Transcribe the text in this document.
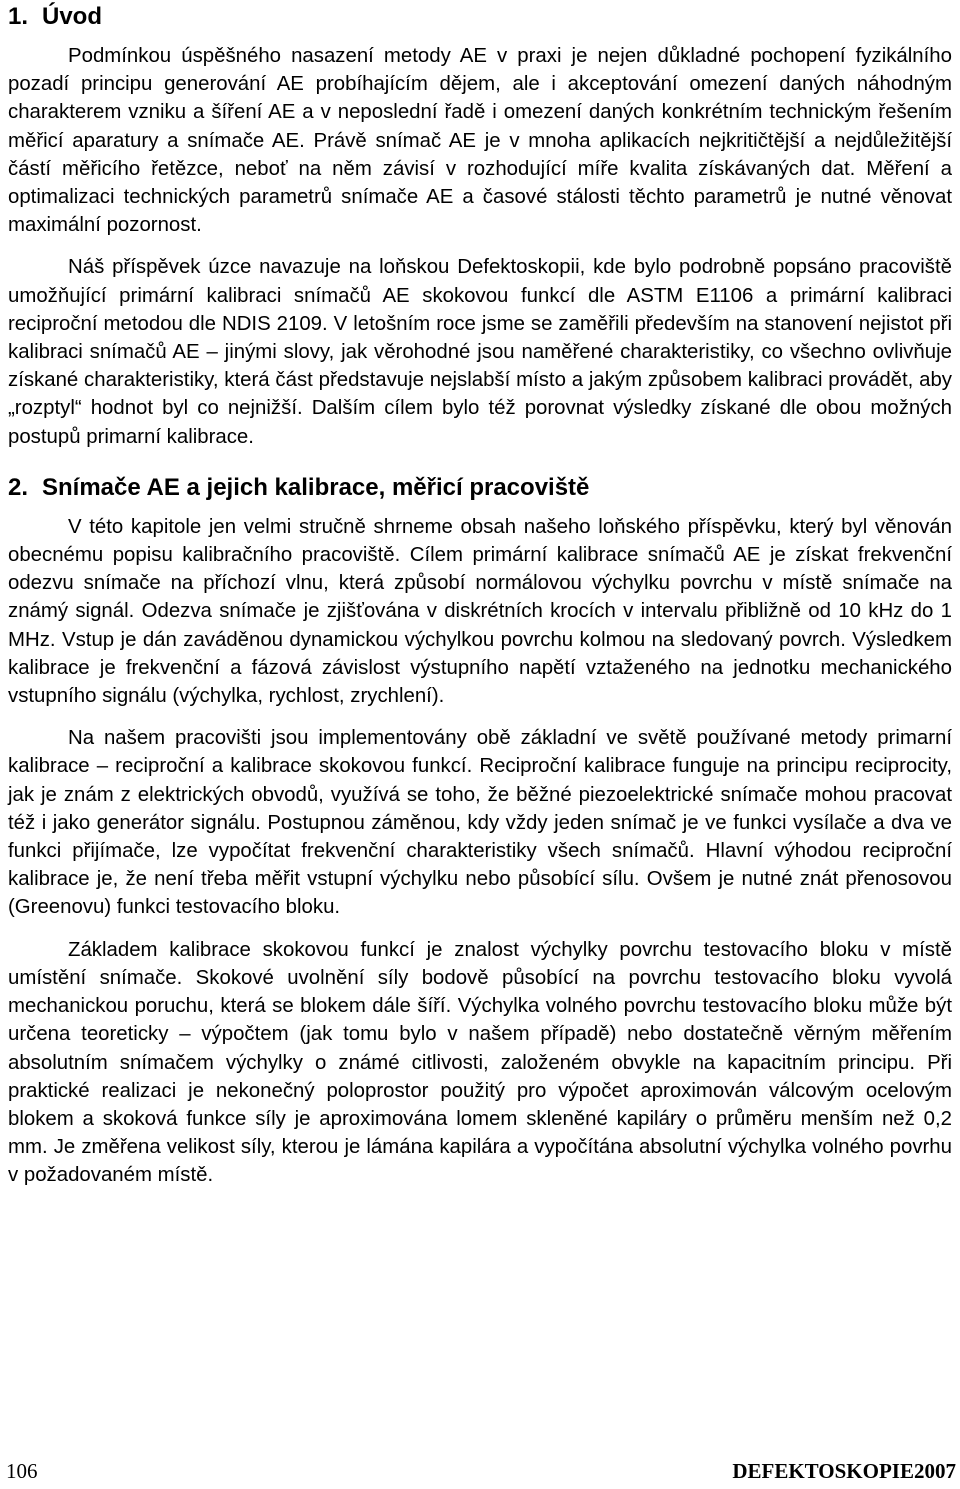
1. Úvod

Podmínkou úspěšného nasazení metody AE v praxi je nejen důkladné pochopení fyzikálního pozadí principu generování AE probíhajícím dějem, ale i akceptování omezení daných náhodným charakterem vzniku a šíření AE a v neposlední řadě i omezení daných konkrétním technickým řešením měřicí aparatury a snímače AE. Právě snímač AE je v mnoha aplikacích nejkritičtější a nejdůležitější částí měřicího řetězce, neboť na něm závisí v rozhodující míře kvalita získávaných dat. Měření a optimalizaci technických parametrů snímače AE a časové stálosti těchto parametrů je nutné věnovat maximální pozornost.

Náš příspěvek úzce navazuje na loňskou Defektoskopii, kde bylo podrobně popsáno pracoviště umožňující primární kalibraci snímačů AE skokovou funkcí dle ASTM E1106 a primární kalibraci reciproční metodou dle NDIS 2109. V letošním roce jsme se zaměřili především na stanovení nejistot při kalibraci snímačů AE – jinými slovy, jak věrohodné jsou naměřené charakteristiky, co všechno ovlivňuje získané charakteristiky, která část představuje nejslabší místo a jakým způsobem kalibraci provádět, aby „rozptyl“ hodnot byl co nejnižší. Dalším cílem bylo též porovnat výsledky získané dle obou možných postupů primarní kalibrace.

2. Snímače AE a jejich kalibrace, měřicí pracoviště

V této kapitole jen velmi stručně shrneme obsah našeho loňského příspěvku, který byl věnován obecnému popisu kalibračního pracoviště. Cílem primární kalibrace snímačů AE je získat frekvenční odezvu snímače na příchozí vlnu, která způsobí normálovou výchylku povrchu v místě snímače na známý signál. Odezva snímače je zjišťována v diskrétních krocích v intervalu přibližně od 10 kHz do 1 MHz. Vstup je dán zaváděnou dynamickou výchylkou povrchu kolmou na sledovaný povrch. Výsledkem kalibrace je frekvenční a fázová závislost výstupního napětí vztaženého na jednotku mechanického vstupního signálu (výchylka, rychlost, zrychlení).

Na našem pracovišti jsou implementovány obě základní ve světě používané metody primarní kalibrace – reciproční a kalibrace skokovou funkcí. Reciproční kalibrace funguje na principu reciprocity, jak je znám z elektrických obvodů, využívá se toho, že běžné piezoelektrické snímače mohou pracovat též i jako generátor signálu. Postupnou záměnou, kdy vždy jeden snímač je ve funkci vysílače a dva ve funkci přijímače, lze vypočítat frekvenční charakteristiky všech snímačů. Hlavní výhodou reciproční kalibrace je, že není třeba měřit vstupní výchylku nebo působící sílu. Ovšem je nutné znát přenosovou (Greenovu) funkci testovacího bloku.

Základem kalibrace skokovou funkcí je znalost výchylky povrchu testovacího bloku v místě umístění snímače. Skokové uvolnění síly bodově působící na povrchu testovacího bloku vyvolá mechanickou poruchu, která se blokem dále šíří. Výchylka volného povrchu testovacího bloku může být určena teoreticky – výpočtem (jak tomu bylo v našem případě) nebo dostatečně věrným měřením absolutním snímačem výchylky o známé citlivosti, založeném obvykle na kapacitním principu. Při praktické realizaci je nekonečný poloprostor použitý pro výpočet aproximován válcovým ocelovým blokem a skoková funkce síly je aproximována lomem skleněné kapiláry o průměru menším než 0,2 mm. Je změřena velikost síly, kterou je lámána kapilára a vypočítána absolutní výchylka volného povrhu v požadovaném místě.

106	DEFEKTOSKOPIE2007
